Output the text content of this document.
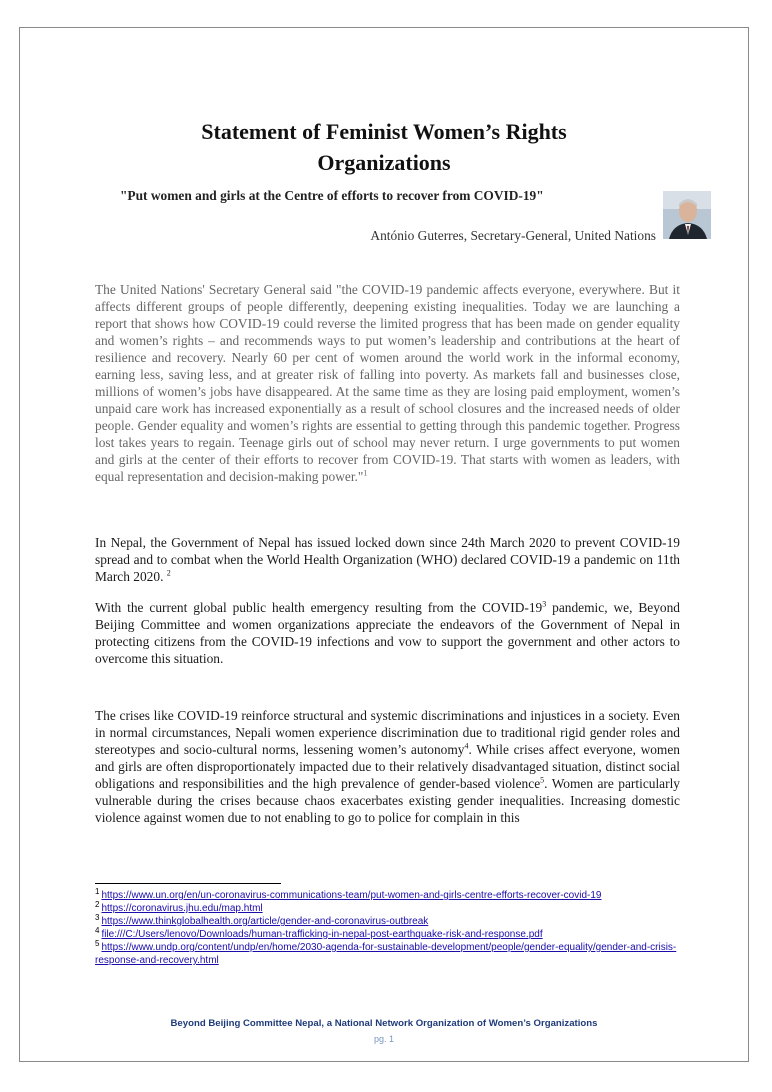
Statement of Feminist Women’s Rights
Organizations
"Put women and girls at the Centre of efforts to recover from COVID-19"
António Guterres, Secretary-General, United Nations
The United Nations' Secretary General said "the COVID-19 pandemic affects everyone, everywhere. But it affects different groups of people differently, deepening existing inequalities. Today we are launching a report that shows how COVID-19 could reverse the limited progress that has been made on gender equality and women’s rights – and recommends ways to put women’s leadership and contributions at the heart of resilience and recovery. Nearly 60 per cent of women around the world work in the informal economy, earning less, saving less, and at greater risk of falling into poverty. As markets fall and businesses close, millions of women’s jobs have disappeared. At the same time as they are losing paid employment, women’s unpaid care work has increased exponentially as a result of school closures and the increased needs of older people. Gender equality and women’s rights are essential to getting through this pandemic together. Progress lost takes years to regain. Teenage girls out of school may never return. I urge governments to put women and girls at the center of their efforts to recover from COVID-19. That starts with women as leaders, with equal representation and decision-making power."$^1$
In Nepal, the Government of Nepal has issued locked down since 24th March 2020 to prevent COVID-19 spread and to combat when the World Health Organization (WHO) declared COVID-19 a pandemic on 11th March 2020. $^2$
With the current global public health emergency resulting from the COVID-$19^3$ pandemic, we, Beyond Beijing Committee and women organizations appreciate the endeavors of the Government of Nepal in protecting citizens from the COVID-19 infections and vow to support the government and other actors to overcome this situation.
The crises like COVID-19 reinforce structural and systemic discriminations and injustices in a society. Even in normal circumstances, Nepali women experience discrimination due to traditional rigid gender roles and stereotypes and socio-cultural norms, lessening women’s autonomy$^4$. While crises affect everyone, women and girls are often disproportionately impacted due to their relatively disadvantaged situation, distinct social obligations and responsibilities and the high prevalence of gender-based violence$^5$. Women are particularly vulnerable during the crises because chaos exacerbates existing gender inequalities. Increasing domestic violence against women due to not enabling to go to police for complain in this
$^1$ https://www.un.org/en/un-coronavirus-communications-team/put-women-and-girls-centre-efforts-recover-covid-19
$^2$ https://coronavirus.jhu.edu/map.html
$^3$ https://www.thinkglobalhealth.org/article/gender-and-coronavirus-outbreak
$^4$ file:///C:/Users/lenovo/Downloads/human-trafficking-in-nepal-post-earthquake-risk-and-response.pdf
$^5$ https://www.undp.org/content/undp/en/home/2030-agenda-for-sustainable-development/people/gender-equality/gender-and-crisis-response-and-recovery.html
Beyond Beijing Committee Nepal, a National Network Organization of Women’s Organizations
pg. 1
